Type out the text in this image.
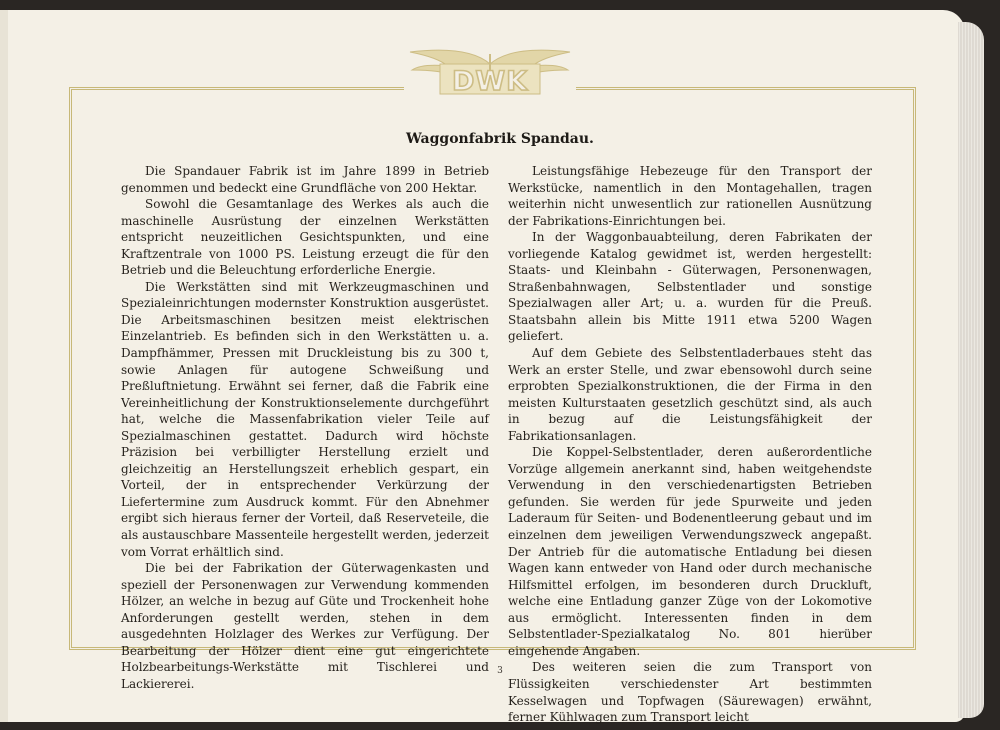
DWK
Waggonfabrik Spandau.

Die Spandauer Fabrik ist im Jahre 1899 in Betrieb genommen und bedeckt eine Grundfläche von 200 Hektar.

Sowohl die Gesamtanlage des Werkes als auch die maschinelle Ausrüstung der einzelnen Werkstätten entspricht neuzeitlichen Gesichtspunkten, und eine Kraftzentrale von 1000 PS. Leistung erzeugt die für den Betrieb und die Beleuchtung erforderliche Energie.

Die Werkstätten sind mit Werkzeugmaschinen und Spezialeinrichtungen modernster Konstruktion ausgerüstet. Die Arbeitsmaschinen besitzen meist elektrischen Einzelantrieb. Es befinden sich in den Werkstätten u. a. Dampfhämmer, Pressen mit Druckleistung bis zu 300 t, sowie Anlagen für autogene Schweißung und Preßluftnietung. Erwähnt sei ferner, daß die Fabrik eine Vereinheitlichung der Konstruktionselemente durchgeführt hat, welche die Massenfabrikation vieler Teile auf Spezialmaschinen gestattet. Dadurch wird höchste Präzision bei verbilligter Herstellung erzielt und gleichzeitig an Herstellungszeit erheblich gespart, ein Vorteil, der in entsprechender Verkürzung der Liefertermine zum Ausdruck kommt. Für den Abnehmer ergibt sich hieraus ferner der Vorteil, daß Reserveteile, die als austauschbare Massenteile hergestellt werden, jederzeit vom Vorrat erhältlich sind.

Die bei der Fabrikation der Güterwagenkasten und speziell der Personenwagen zur Verwendung kommenden Hölzer, an welche in bezug auf Güte und Trockenheit hohe Anforderungen gestellt werden, stehen in dem ausgedehnten Holzlager des Werkes zur Verfügung. Der Bearbeitung der Hölzer dient eine gut eingerichtete Holzbearbeitungs-Werkstätte mit Tischlerei und Lackiererei.

Leistungsfähige Hebezeuge für den Transport der Werkstücke, namentlich in den Montagehallen, tragen weiterhin nicht unwesentlich zur rationellen Ausnützung der Fabrikations-Einrichtungen bei.

In der Waggonbauabteilung, deren Fabrikaten der vorliegende Katalog gewidmet ist, werden hergestellt: Staats- und Kleinbahn - Güterwagen, Personenwagen, Straßenbahnwagen, Selbstentlader und sonstige Spezialwagen aller Art; u. a. wurden für die Preuß. Staatsbahn allein bis Mitte 1911 etwa 5200 Wagen geliefert.

Auf dem Gebiete des Selbstentladerbaues steht das Werk an erster Stelle, und zwar ebensowohl durch seine erprobten Spezialkonstruktionen, die der Firma in den meisten Kulturstaaten gesetzlich geschützt sind, als auch in bezug auf die Leistungsfähigkeit der Fabrikationsanlagen.

Die Koppel-Selbstentlader, deren außerordentliche Vorzüge allgemein anerkannt sind, haben weitgehendste Verwendung in den verschiedenartigsten Betrieben gefunden. Sie werden für jede Spurweite und jeden Laderaum für Seiten- und Bodenentleerung gebaut und im einzelnen dem jeweiligen Verwendungszweck angepaßt. Der Antrieb für die automatische Entladung bei diesen Wagen kann entweder von Hand oder durch mechanische Hilfsmittel erfolgen, im besonderen durch Druckluft, welche eine Entladung ganzer Züge von der Lokomotive aus ermöglicht. Interessenten finden in dem Selbstentlader-Spezialkatalog No. 801 hierüber eingehende Angaben.

Des weiteren seien die zum Transport von Flüssigkeiten verschiedenster Art bestimmten Kesselwagen und Topfwagen (Säurewagen) erwähnt, ferner Kühlwagen zum Transport leicht

3
